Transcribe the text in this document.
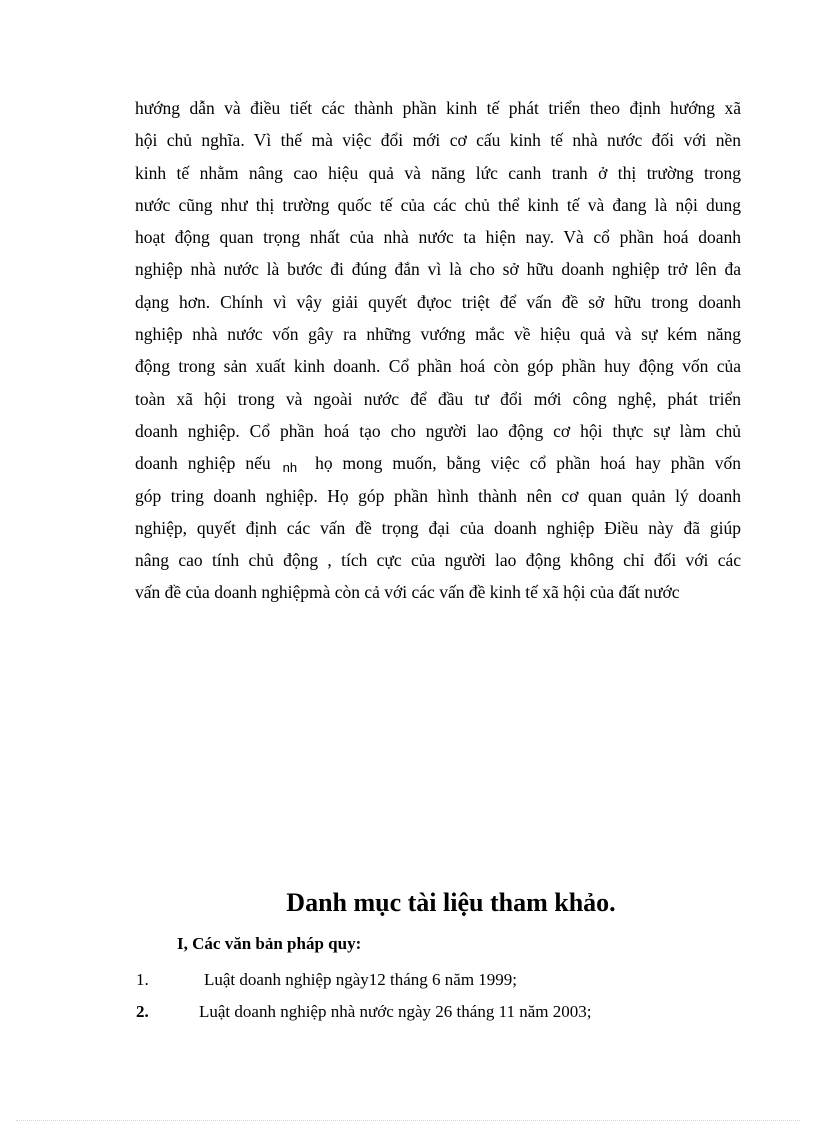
hướng dẫn và điều tiết các thành phần kinh tế phát triển theo định hướng xã
hội chủ nghĩa. Vì thế mà việc đổi mới cơ cấu kinh tế nhà nước đối với nền
kinh tế nhằm nâng cao hiệu quả và năng lức canh tranh ở thị trường trong
nước cũng như thị trường quốc tế của các chủ thể kinh tế và đang là nội dung
hoạt động quan trọng nhất của nhà nước ta hiện nay. Và cổ phần hoá doanh
nghiệp nhà nước là bước đi đúng đắn vì là cho sở hữu doanh nghiệp trở lên đa
dạng hơn. Chính vì vậy giải quyết đựoc triệt để vấn đề sở hữu trong doanh
nghiệp nhà nước vốn gây ra những vướng mắc về hiệu quả và sự kém năng
động trong sản xuất kinh doanh. Cổ phần hoá còn góp phần huy động vốn của
toàn xã hội trong và ngoài nước để đầu tư đổi mới công nghệ, phát triển
doanh nghiệp. Cổ phần hoá tạo cho người lao động cơ hội thực sự làm chủ
doanh nghiệp nếu nh họ mong muốn, bằng việc cổ phần hoá hay phần vốn
góp tring doanh nghiệp. Họ góp phần hình thành nên cơ quan quản lý doanh
nghiệp, quyết định các vấn đề trọng đại của doanh nghiệp Điều này đã giúp
nâng cao tính chủ động , tích cực của người lao động không chỉ đối với các
vấn đề của doanh nghiệpmà còn cả với các vấn đề kinh tế xã hội của đất nước
Danh mục tài liệu tham khảo.
I, Các văn bản pháp quy:
1.	Luật doanh nghiệp ngày12 tháng 6 năm 1999;
2.	Luật doanh nghiệp nhà nước ngày 26 tháng 11 năm 2003;
